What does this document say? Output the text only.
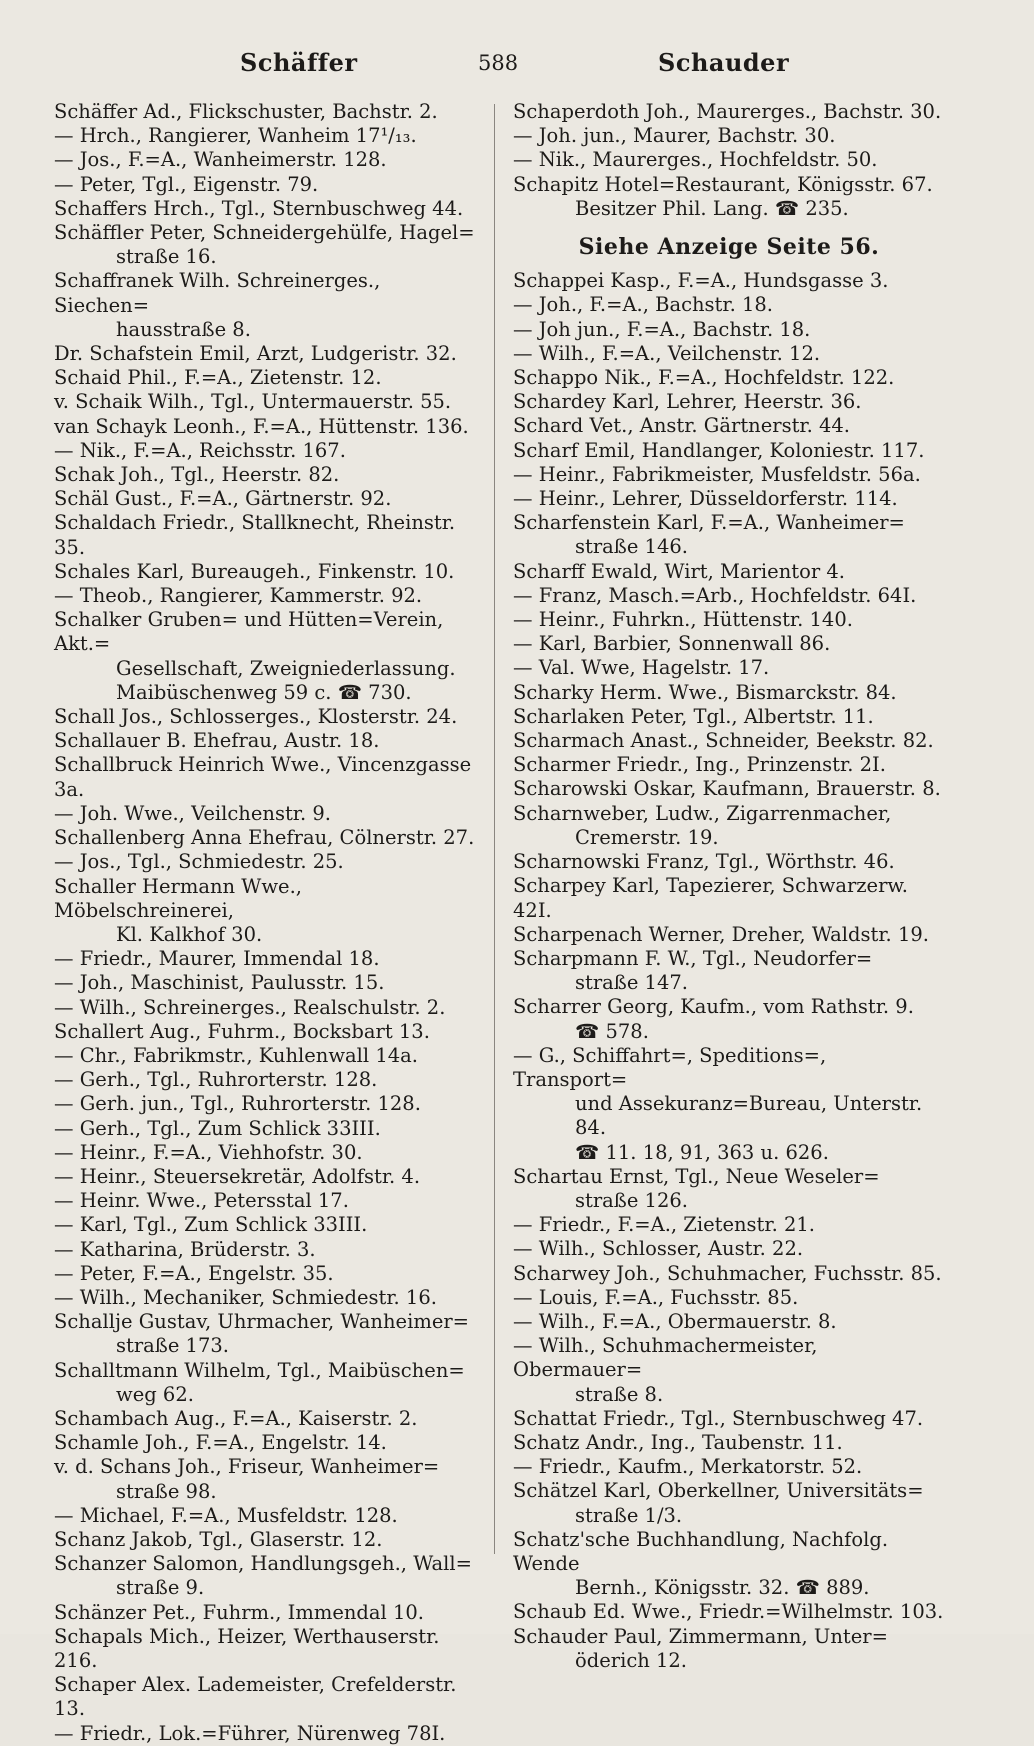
Schäffer	588	Schauder

Schäffer Ad., Flickschuster, Bachstr. 2.

— Hrch., Rangierer, Wanheim 17¹/₁₃.

— Jos., F.=A., Wanheimerstr. 128.

— Peter, Tgl., Eigenstr. 79.

Schaffers Hrch., Tgl., Sternbuschweg 44.

Schäffler Peter, Schneidergehülfe, Hagel=

straße 16.

Schaffranek Wilh. Schreinerges., Siechen=

hausstraße 8.

Dr. Schafstein Emil, Arzt, Ludgeristr. 32.

Schaid Phil., F.=A., Zietenstr. 12.

v. Schaik Wilh., Tgl., Untermauerstr. 55.

van Schayk Leonh., F.=A., Hüttenstr. 136.

— Nik., F.=A., Reichsstr. 167.

Schak Joh., Tgl., Heerstr. 82.

Schäl Gust., F.=A., Gärtnerstr. 92.

Schaldach Friedr., Stallknecht, Rheinstr. 35.

Schales Karl, Bureaugeh., Finkenstr. 10.

— Theob., Rangierer, Kammerstr. 92.

Schalker Gruben= und Hütten=Verein, Akt.=

Gesellschaft, Zweigniederlassung.

Maibüschenweg 59 c. ☎ 730.

Schall Jos., Schlosserges., Klosterstr. 24.

Schallauer B. Ehefrau, Austr. 18.

Schallbruck Heinrich Wwe., Vincenzgasse 3a.

— Joh. Wwe., Veilchenstr. 9.

Schallenberg Anna Ehefrau, Cölnerstr. 27.

— Jos., Tgl., Schmiedestr. 25.

Schaller Hermann Wwe., Möbelschreinerei,

Kl. Kalkhof 30.

— Friedr., Maurer, Immendal 18.

— Joh., Maschinist, Paulusstr. 15.

— Wilh., Schreinerges., Realschulstr. 2.

Schallert Aug., Fuhrm., Bocksbart 13.

— Chr., Fabrikmstr., Kuhlenwall 14a.

— Gerh., Tgl., Ruhrorterstr. 128.

— Gerh. jun., Tgl., Ruhrorterstr. 128.

— Gerh., Tgl., Zum Schlick 33III.

— Heinr., F.=A., Viehhofstr. 30.

— Heinr., Steuersekretär, Adolfstr. 4.

— Heinr. Wwe., Petersstal 17.

— Karl, Tgl., Zum Schlick 33III.

— Katharina, Brüderstr. 3.

— Peter, F.=A., Engelstr. 35.

— Wilh., Mechaniker, Schmiedestr. 16.

Schallje Gustav, Uhrmacher, Wanheimer=

straße 173.

Schalltmann Wilhelm, Tgl., Maibüschen=

weg 62.

Schambach Aug., F.=A., Kaiserstr. 2.

Schamle Joh., F.=A., Engelstr. 14.

v. d. Schans Joh., Friseur, Wanheimer=

straße 98.

— Michael, F.=A., Musfeldstr. 128.

Schanz Jakob, Tgl., Glaserstr. 12.

Schanzer Salomon, Handlungsgeh., Wall=

straße 9.

Schänzer Pet., Fuhrm., Immendal 10.

Schapals Mich., Heizer, Werthauserstr. 216.

Schaper Alex. Lademeister, Crefelderstr. 13.

— Friedr., Lok.=Führer, Nürenweg 78I.

Schaperdoth Joh., Maurerges., Bachstr. 30.

— Joh. jun., Maurer, Bachstr. 30.

— Nik., Maurerges., Hochfeldstr. 50.

Schapitz Hotel=Restaurant, Königsstr. 67.

Besitzer Phil. Lang. ☎ 235.

Siehe Anzeige Seite 56.

Schappei Kasp., F.=A., Hundsgasse 3.

— Joh., F.=A., Bachstr. 18.

— Joh jun., F.=A., Bachstr. 18.

— Wilh., F.=A., Veilchenstr. 12.

Schappo Nik., F.=A., Hochfeldstr. 122.

Schardey Karl, Lehrer, Heerstr. 36.

Schard Vet., Anstr. Gärtnerstr. 44.

Scharf Emil, Handlanger, Koloniestr. 117.

— Heinr., Fabrikmeister, Musfeldstr. 56a.

— Heinr., Lehrer, Düsseldorferstr. 114.

Scharfenstein Karl, F.=A., Wanheimer=

straße 146.

Scharff Ewald, Wirt, Marientor 4.

— Franz, Masch.=Arb., Hochfeldstr. 64I.

— Heinr., Fuhrkn., Hüttenstr. 140.

— Karl, Barbier, Sonnenwall 86.

— Val. Wwe, Hagelstr. 17.

Scharky Herm. Wwe., Bismarckstr. 84.

Scharlaken Peter, Tgl., Albertstr. 11.

Scharmach Anast., Schneider, Beekstr. 82.

Scharmer Friedr., Ing., Prinzenstr. 2I.

Scharowski Oskar, Kaufmann, Brauerstr. 8.

Scharnweber, Ludw., Zigarrenmacher,

Cremerstr. 19.

Scharnowski Franz, Tgl., Wörthstr. 46.

Scharpey Karl, Tapezierer, Schwarzerw. 42I.

Scharpenach Werner, Dreher, Waldstr. 19.

Scharpmann F. W., Tgl., Neudorfer=

straße 147.

Scharrer Georg, Kaufm., vom Rathstr. 9.

☎ 578.

— G., Schiffahrt=, Speditions=, Transport=

und Assekuranz=Bureau, Unterstr. 84.

☎ 11. 18, 91, 363 u. 626.

Schartau Ernst, Tgl., Neue Weseler=

straße 126.

— Friedr., F.=A., Zietenstr. 21.

— Wilh., Schlosser, Austr. 22.

Scharwey Joh., Schuhmacher, Fuchsstr. 85.

— Louis, F.=A., Fuchsstr. 85.

— Wilh., F.=A., Obermauerstr. 8.

— Wilh., Schuhmachermeister, Obermauer=

straße 8.

Schattat Friedr., Tgl., Sternbuschweg 47.

Schatz Andr., Ing., Taubenstr. 11.

— Friedr., Kaufm., Merkatorstr. 52.

Schätzel Karl, Oberkellner, Universitäts=

straße 1/3.

Schatz'sche Buchhandlung, Nachfolg. Wende

Bernh., Königsstr. 32. ☎ 889.

Schaub Ed. Wwe., Friedr.=Wilhelmstr. 103.

Schauder Paul, Zimmermann, Unter=

öderich 12.
